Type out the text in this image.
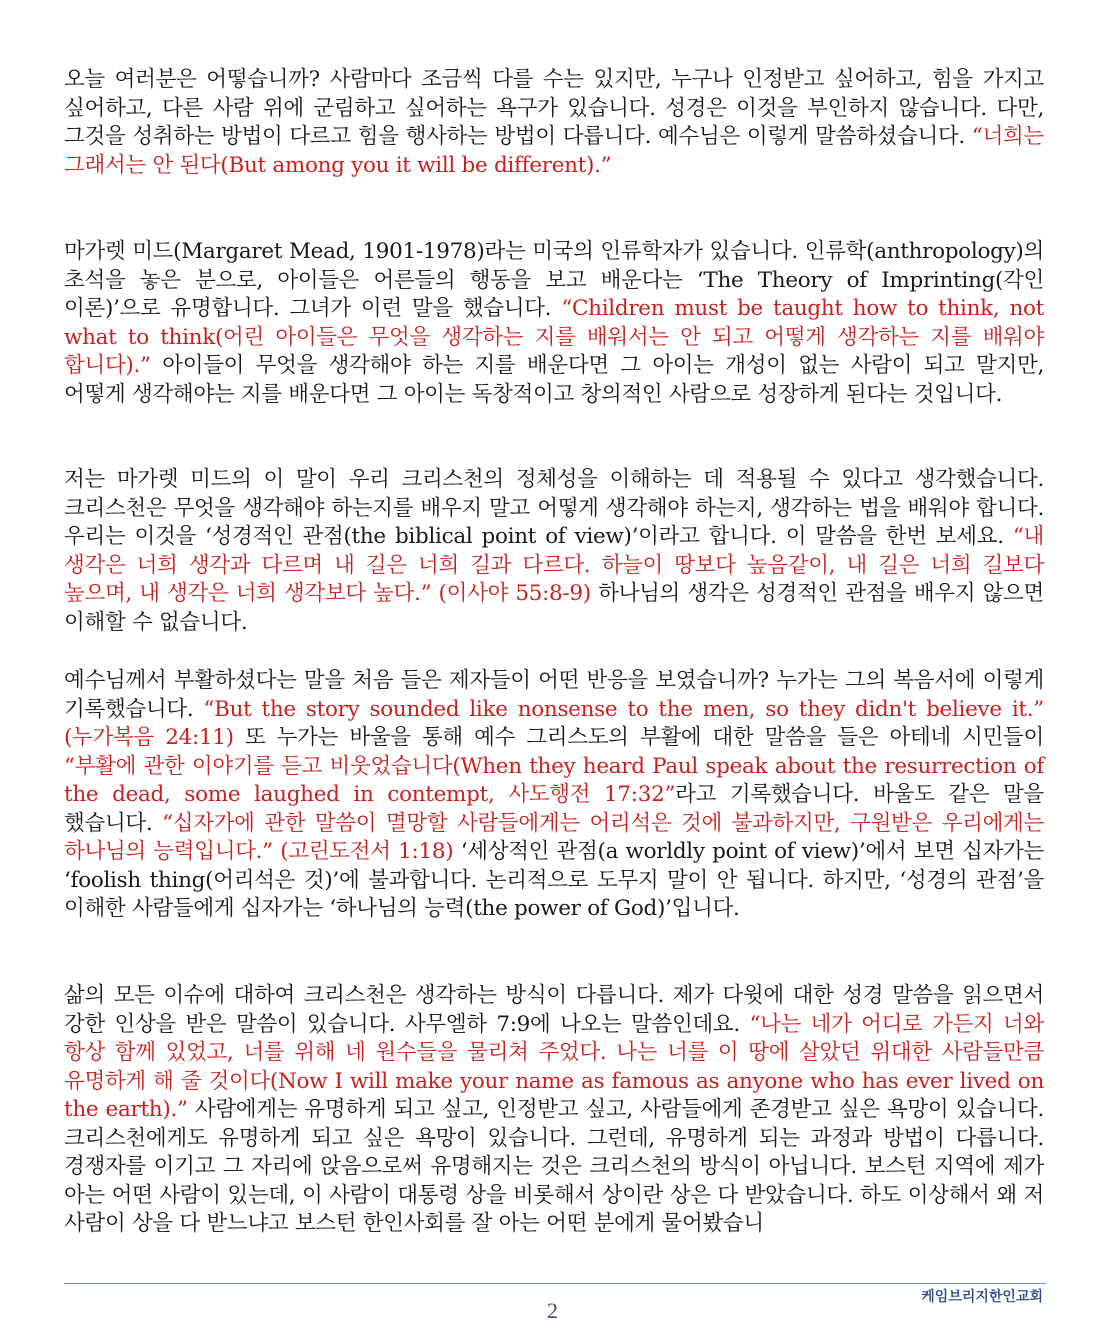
오늘 여러분은 어떻습니까? 사람마다 조금씩 다를 수는 있지만, 누구나 인정받고 싶어하고, 힘을 가지고 싶어하고, 다른 사람 위에 군림하고 싶어하는 욕구가 있습니다. 성경은 이것을 부인하지 않습니다. 다만, 그것을 성취하는 방법이 다르고 힘을 행사하는 방법이 다릅니다. 예수님은 이렇게 말씀하셨습니다. “너희는 그래서는 안 된다(But among you it will be different).”

마가렛 미드(Margaret Mead, 1901-1978)라는 미국의 인류학자가 있습니다. 인류학(anthropology)의 초석을 놓은 분으로, 아이들은 어른들의 행동을 보고 배운다는 ‘The Theory of Imprinting(각인 이론)’으로 유명합니다. 그녀가 이런 말을 했습니다. “Children must be taught how to think, not what to think(어린 아이들은 무엇을 생각하는 지를 배워서는 안 되고 어떻게 생각하는 지를 배워야 합니다).” 아이들이 무엇을 생각해야 하는 지를 배운다면 그 아이는 개성이 없는 사람이 되고 말지만, 어떻게 생각해야는 지를 배운다면 그 아이는 독창적이고 창의적인 사람으로 성장하게 된다는 것입니다.

저는 마가렛 미드의 이 말이 우리 크리스천의 정체성을 이해하는 데 적용될 수 있다고 생각했습니다. 크리스천은 무엇을 생각해야 하는지를 배우지 말고 어떻게 생각해야 하는지, 생각하는 법을 배워야 합니다. 우리는 이것을 ‘성경적인 관점(the biblical point of view)’이라고 합니다. 이 말씀을 한번 보세요. “내 생각은 너희 생각과 다르며 내 길은 너희 길과 다르다. 하늘이 땅보다 높음같이, 내 길은 너희 길보다 높으며, 내 생각은 너희 생각보다 높다.” (이사야 55:8-9) 하나님의 생각은 성경적인 관점을 배우지 않으면 이해할 수 없습니다.

예수님께서 부활하셨다는 말을 처음 들은 제자들이 어떤 반응을 보였습니까? 누가는 그의 복음서에 이렇게 기록했습니다. “But the story sounded like nonsense to the men, so they didn't believe it.” (누가복음 24:11) 또 누가는 바울을 통해 예수 그리스도의 부활에 대한 말씀을 들은 아테네 시민들이 “부활에 관한 이야기를 듣고 비웃었습니다(When they heard Paul speak about the resurrection of the dead, some laughed in contempt, 사도행전 17:32”라고 기록했습니다. 바울도 같은 말을 했습니다. “십자가에 관한 말씀이 멸망할 사람들에게는 어리석은 것에 불과하지만, 구원받은 우리에게는 하나님의 능력입니다.” (고린도전서 1:18) ‘세상적인 관점(a worldly point of view)’에서 보면 십자가는 ‘foolish thing(어리석은 것)’에 불과합니다. 논리적으로 도무지 말이 안 됩니다. 하지만, ‘성경의 관점’을 이해한 사람들에게 십자가는 ‘하나님의 능력(the power of God)’입니다.

삶의 모든 이슈에 대하여 크리스천은 생각하는 방식이 다릅니다. 제가 다윗에 대한 성경 말씀을 읽으면서 강한 인상을 받은 말씀이 있습니다. 사무엘하 7:9에 나오는 말씀인데요. “나는 네가 어디로 가든지 너와 항상 함께 있었고, 너를 위해 네 원수들을 물리쳐 주었다. 나는 너를 이 땅에 살았던 위대한 사람들만큼 유명하게 해 줄 것이다(Now I will make your name as famous as anyone who has ever lived on the earth).” 사람에게는 유명하게 되고 싶고, 인정받고 싶고, 사람들에게 존경받고 싶은 욕망이 있습니다. 크리스천에게도 유명하게 되고 싶은 욕망이 있습니다. 그런데, 유명하게 되는 과정과 방법이 다릅니다. 경쟁자를 이기고 그 자리에 앉음으로써 유명해지는 것은 크리스천의 방식이 아닙니다. 보스턴 지역에 제가 아는 어떤 사람이 있는데, 이 사람이 대통령 상을 비롯해서 상이란 상은 다 받았습니다. 하도 이상해서 왜 저 사람이 상을 다 받느냐고 보스턴 한인사회를 잘 아는 어떤 분에게 물어봤습니

케임브리지한인교회
2
